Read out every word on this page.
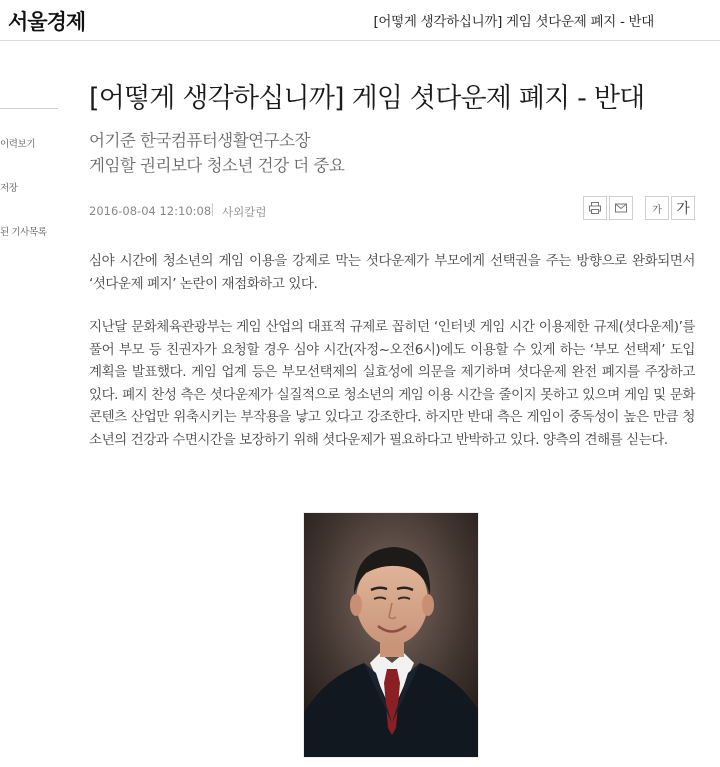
서울경제	[어떻게 생각하십니까] 게임 셧다운제 폐지 - 반대
이력보기
저장
된 기사목록
[어떻게 생각하십니까] 게임 셧다운제 폐지 - 반대
어기준 한국컴퓨터생활연구소장
게임할 권리보다 청소년 건강 더 중요
2016-08-04 12:10:08 사외칼럼	가	가

심야 시간에 청소년의 게임 이용을 강제로 막는 셧다운제가 부모에게 선택권을 주는 방향으로 완화되면서 ‘셧다운제 폐지’ 논란이 재점화하고 있다.

지난달 문화체육관광부는 게임 산업의 대표적 규제로 꼽히던 ‘인터넷 게임 시간 이용제한 규제(셧다운제)’를 풀어 부모 등 친권자가 요청할 경우 심야 시간(자정~오전6시)에도 이용할 수 있게 하는 ‘부모 선택제’ 도입 계획을 발표했다. 게임 업계 등은 부모선택제의 실효성에 의문을 제기하며 셧다운제 완전 폐지를 주장하고 있다. 폐지 찬성 측은 셧다운제가 실질적으로 청소년의 게임 이용 시간을 줄이지 못하고 있으며 게임 및 문화콘텐츠 산업만 위축시키는 부작용을 낳고 있다고 강조한다. 하지만 반대 측은 게임이 중독성이 높은 만큼 청소년의 건강과 수면시간을 보장하기 위해 셧다운제가 필요하다고 반박하고 있다. 양측의 견해를 싣는다.
